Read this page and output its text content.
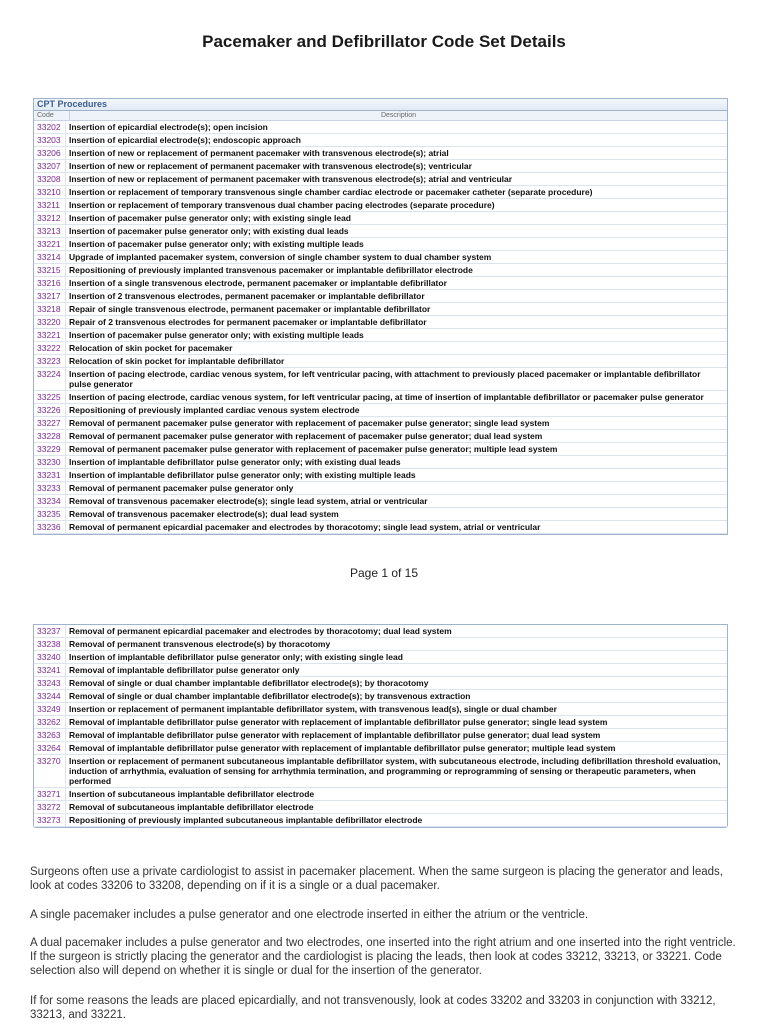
Pacemaker and Defibrillator Code Set Details
CPT Procedures
Code	Description
33202 Insertion of epicardial electrode(s); open incision
33203 Insertion of epicardial electrode(s); endoscopic approach
33206 Insertion of new or replacement of permanent pacemaker with transvenous electrode(s); atrial
33207 Insertion of new or replacement of permanent pacemaker with transvenous electrode(s); ventricular
33208 Insertion of new or replacement of permanent pacemaker with transvenous electrode(s); atrial and ventricular
33210 Insertion or replacement of temporary transvenous single chamber cardiac electrode or pacemaker catheter (separate procedure)
33211	Insertion or replacement of temporary transvenous dual chamber pacing electrodes (separate procedure)
33212 Insertion of pacemaker pulse generator only; with existing single lead
33213 Insertion of pacemaker pulse generator only; with existing dual leads
33221 Insertion of pacemaker pulse generator only; with existing multiple leads
33214 Upgrade of implanted pacemaker system, conversion of single chamber system to dual chamber system
33215 Repositioning of previously implanted transvenous pacemaker or implantable defibrillator electrode
33216 Insertion of a single transvenous electrode, permanent pacemaker or implantable defibrillator
33217 Insertion of 2 transvenous electrodes, permanent pacemaker or implantable defibrillator
33218 Repair of single transvenous electrode, permanent pacemaker or implantable defibrillator
33220 Repair of 2 transvenous electrodes for permanent pacemaker or implantable defibrillator
33221 Insertion of pacemaker pulse generator only; with existing multiple leads
33222 Relocation of skin pocket for pacemaker
33223 Relocation of skin pocket for implantable defibrillator
33224 Insertion of pacing electrode, cardiac venous system, for left ventricular pacing, with attachment to previously placed pacemaker or implantable defibrillator pulse generator
33225 Insertion of pacing electrode, cardiac venous system, for left ventricular pacing, at time of insertion of implantable defibrillator or pacemaker pulse generator
33226 Repositioning of previously implanted cardiac venous system electrode
33227 Removal of permanent pacemaker pulse generator with replacement of pacemaker pulse generator; single lead system
33228 Removal of permanent pacemaker pulse generator with replacement of pacemaker pulse generator; dual lead system
33229 Removal of permanent pacemaker pulse generator with replacement of pacemaker pulse generator; multiple lead system
33230 Insertion of implantable defibrillator pulse generator only; with existing dual leads
33231 Insertion of implantable defibrillator pulse generator only; with existing multiple leads
33233 Removal of permanent pacemaker pulse generator only
33234 Removal of transvenous pacemaker electrode(s); single lead system, atrial or ventricular
33235 Removal of transvenous pacemaker electrode(s); dual lead system
33236 Removal of permanent epicardial pacemaker and electrodes by thoracotomy; single lead system, atrial or ventricular
Page 1 of 15
33237 Removal of permanent epicardial pacemaker and electrodes by thoracotomy; dual lead system
33238 Removal of permanent transvenous electrode(s) by thoracotomy
33240 Insertion of implantable defibrillator pulse generator only; with existing single lead
33241 Removal of implantable defibrillator pulse generator only
33243 Removal of single or dual chamber implantable defibrillator electrode(s); by thoracotomy
33244 Removal of single or dual chamber implantable defibrillator electrode(s); by transvenous extraction
33249 Insertion or replacement of permanent implantable defibrillator system, with transvenous lead(s), single or dual chamber
33262 Removal of implantable defibrillator pulse generator with replacement of implantable defibrillator pulse generator; single lead system
33263 Removal of implantable defibrillator pulse generator with replacement of implantable defibrillator pulse generator; dual lead system
33264 Removal of implantable defibrillator pulse generator with replacement of implantable defibrillator pulse generator; multiple lead system
33270 Insertion or replacement of permanent subcutaneous implantable defibrillator system, with subcutaneous electrode, including defibrillation threshold evaluation, induction of arrhythmia, evaluation of sensing for arrhythmia termination, and programming or reprogramming of sensing or therapeutic parameters, when performed
33271 Insertion of subcutaneous implantable defibrillator electrode
33272 Removal of subcutaneous implantable defibrillator electrode
33273 Repositioning of previously implanted subcutaneous implantable defibrillator electrode

Surgeons often use a private cardiologist to assist in pacemaker placement. When the same surgeon is placing the generator and leads, look at codes 33206 to 33208, depending on if it is a single or a dual pacemaker.

A single pacemaker includes a pulse generator and one electrode inserted in either the atrium or the ventricle.

A dual pacemaker includes a pulse generator and two electrodes, one inserted into the right atrium and one inserted into the right ventricle. If the surgeon is strictly placing the generator and the cardiologist is placing the leads, then look at codes 33212, 33213, or 33221. Code selection also will depend on whether it is single or dual for the insertion of the generator.

If for some reasons the leads are placed epicardially, and not transvenously, look at codes 33202 and 33203 in conjunction with 33212, 33213, and 33221.
